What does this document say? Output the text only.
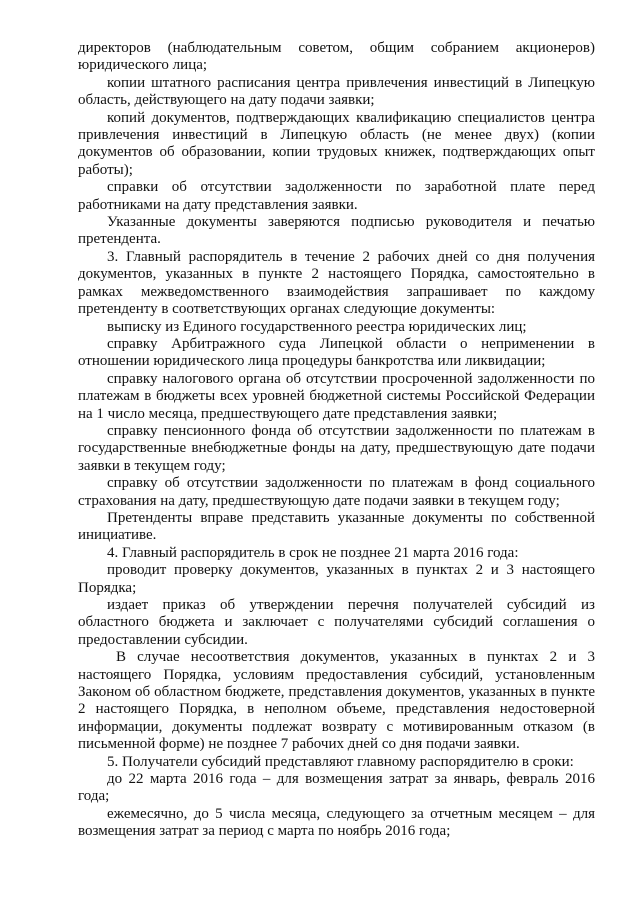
директоров (наблюдательным советом, общим собранием акционеров) юридического лица;

копии штатного расписания центра привлечения инвестиций в Липецкую область, действующего на дату подачи заявки;

копий документов, подтверждающих квалификацию специалистов центра привлечения инвестиций в Липецкую область (не менее двух) (копии документов об образовании, копии трудовых книжек, подтверждающих опыт работы);

справки об отсутствии задолженности по заработной плате перед работниками на дату представления заявки.

Указанные документы заверяются подписью руководителя и печатью претендента.

3. Главный распорядитель в течение 2 рабочих дней со дня получения документов, указанных в пункте 2 настоящего Порядка, самостоятельно в рамках межведомственного взаимодействия запрашивает по каждому претенденту в соответствующих органах следующие документы:

выписку из Единого государственного реестра юридических лиц;

справку Арбитражного суда Липецкой области о неприменении в отношении юридического лица процедуры банкротства или ликвидации;

справку налогового органа об отсутствии просроченной задолженности по платежам в бюджеты всех уровней бюджетной системы Российской Федерации на 1 число месяца, предшествующего дате представления заявки;

справку пенсионного фонда об отсутствии задолженности по платежам в государственные внебюджетные фонды на дату, предшествующую дате подачи заявки в текущем году;

справку об отсутствии задолженности по платежам в фонд социального страхования на дату, предшествующую дате подачи заявки в текущем году;

Претенденты вправе представить указанные документы по собственной инициативе.

4. Главный распорядитель в срок не позднее 21 марта 2016 года:

проводит проверку документов, указанных в пунктах 2 и 3 настоящего Порядка;

издает приказ об утверждении перечня получателей субсидий из областного бюджета и заключает с получателями субсидий соглашения о предоставлении субсидии.

В случае несоответствия документов, указанных в пунктах 2 и 3 настоящего Порядка, условиям предоставления субсидий, установленным Законом об областном бюджете, представления документов, указанных в пункте 2 настоящего Порядка, в неполном объеме, представления недостоверной информации, документы подлежат возврату с мотивированным отказом (в письменной форме) не позднее 7 рабочих дней со дня подачи заявки.

5. Получатели субсидий представляют главному распорядителю в сроки:

до 22 марта 2016 года – для возмещения затрат за январь, февраль 2016 года;

ежемесячно, до 5 числа месяца, следующего за отчетным месяцем – для возмещения затрат за период с марта по ноябрь 2016 года;
